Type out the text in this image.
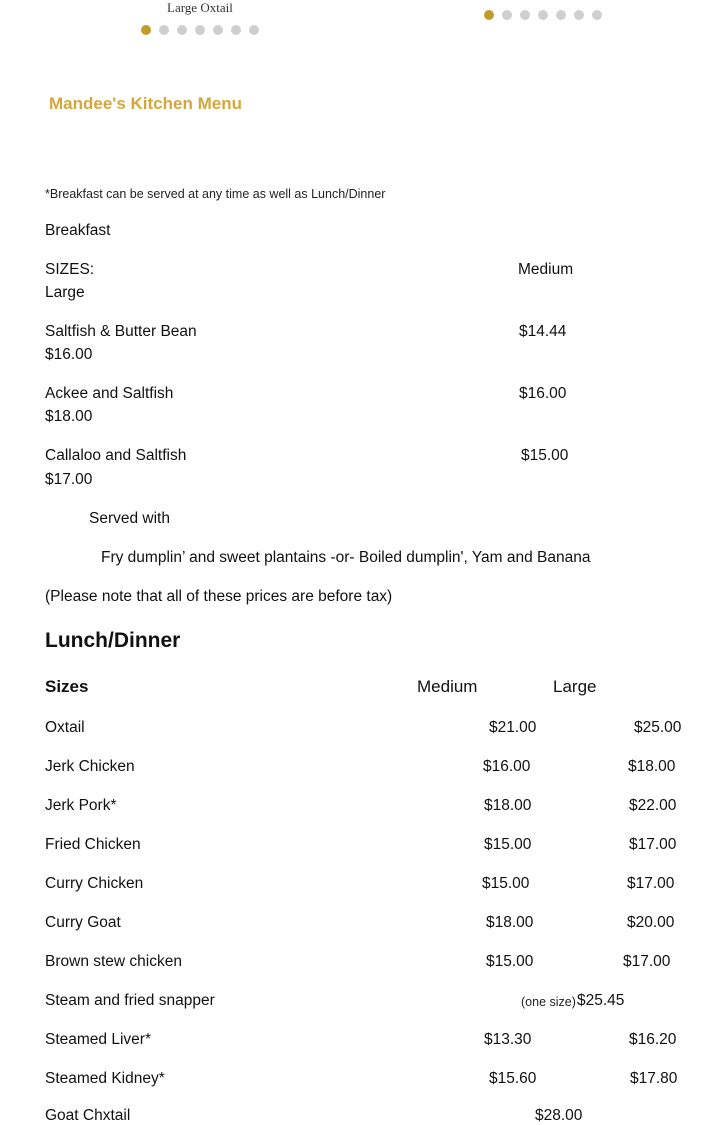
Large Oxtail
Mandee's Kitchen Menu
*Breakfast can be served at any time as well as Lunch/Dinner
Breakfast
SIZES:	Medium
Large
Saltfish & Butter Bean	$14.44
$16.00
Ackee and Saltfish	$16.00
$18.00
Callaloo and Saltfish	$15.00
$17.00
Served with
Fry dumplin’ and sweet plantains -or- Boiled dumplin', Yam and Banana
(Please note that all of these prices are before tax)
Lunch/Dinner
Sizes	Medium	Large
Oxtail	$21.00	$25.00
Jerk Chicken	$16.00	$18.00
Jerk Pork*	$18.00	$22.00
Fried Chicken	$15.00	$17.00
Curry Chicken	$15.00	$17.00
Curry Goat	$18.00	$20.00
Brown stew chicken	$15.00	$17.00
Steam and fried snapper	(one size) $25.45
Steamed Liver*	$13.30	$16.20
Steamed Kidney*	$15.60	$17.80
Goat Chxtail	$28.00
